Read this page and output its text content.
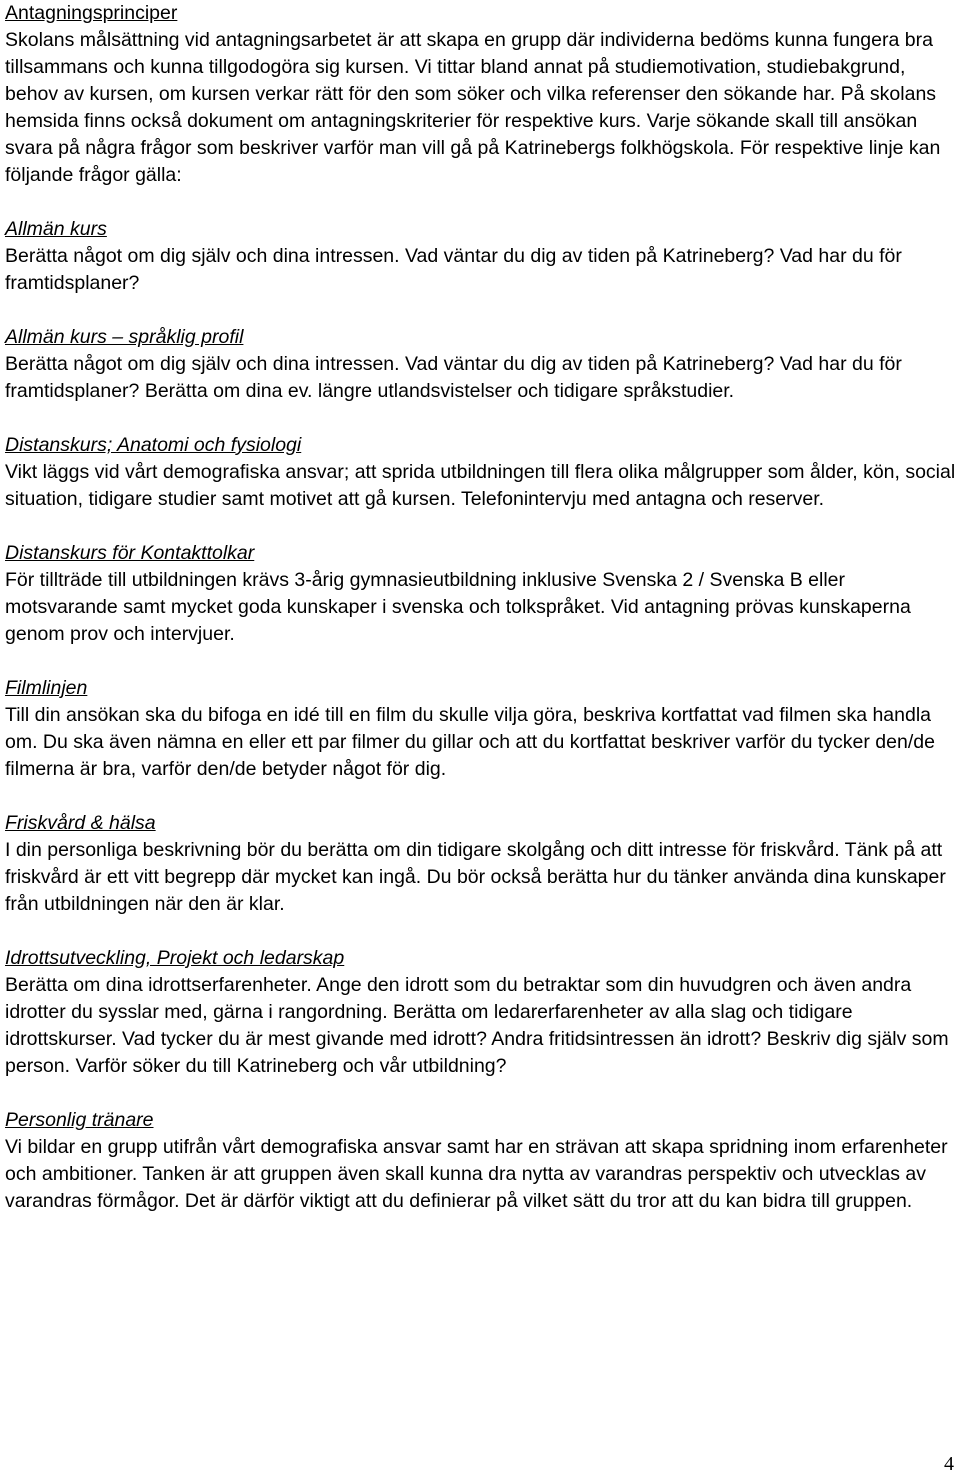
Antagningsprinciper

Skolans målsättning vid antagningsarbetet är att skapa en grupp där individerna bedöms kunna fungera bra tillsammans och kunna tillgodogöra sig kursen. Vi tittar bland annat på studiemotivation, studiebakgrund, behov av kursen, om kursen verkar rätt för den som söker och vilka referenser den sökande har. På skolans hemsida finns också dokument om antagningskriterier för respektive kurs. Varje sökande skall till ansökan svara på några frågor som beskriver varför man vill gå på Katrinebergs folkhögskola. För respektive linje kan följande frågor gälla:

Allmän kurs

Berätta något om dig själv och dina intressen. Vad väntar du dig av tiden på Katrineberg? Vad har du för framtidsplaner?

Allmän kurs – språklig profil

Berätta något om dig själv och dina intressen. Vad väntar du dig av tiden på Katrineberg? Vad har du för framtidsplaner? Berätta om dina ev. längre utlandsvistelser och tidigare språkstudier.

Distanskurs; Anatomi och fysiologi

Vikt läggs vid vårt demografiska ansvar; att sprida utbildningen till flera olika målgrupper som ålder, kön, social situation, tidigare studier samt motivet att gå kursen. Telefonintervju med antagna och reserver.

Distanskurs för Kontakttolkar

För tillträde till utbildningen krävs 3-årig gymnasieutbildning inklusive Svenska 2 / Svenska B eller motsvarande samt mycket goda kunskaper i svenska och tolkspråket. Vid antagning prövas kunskaperna genom prov och intervjuer.

Filmlinjen

Till din ansökan ska du bifoga en idé till en film du skulle vilja göra, beskriva kortfattat vad filmen ska handla om. Du ska även nämna en eller ett par filmer du gillar och att du kortfattat beskriver varför du tycker den/de filmerna är bra, varför den/de betyder något för dig.

Friskvård & hälsa

I din personliga beskrivning bör du berätta om din tidigare skolgång och ditt intresse för friskvård. Tänk på att friskvård är ett vitt begrepp där mycket kan ingå. Du bör också berätta hur du tänker använda dina kunskaper från utbildningen när den är klar.

Idrottsutveckling, Projekt och ledarskap

Berätta om dina idrottserfarenheter. Ange den idrott som du betraktar som din huvudgren och även andra idrotter du sysslar med, gärna i rangordning. Berätta om ledarerfarenheter av alla slag och tidigare idrottskurser. Vad tycker du är mest givande med idrott? Andra fritidsintressen än idrott? Beskriv dig själv som person. Varför söker du till Katrineberg och vår utbildning?

Personlig tränare

Vi bildar en grupp utifrån vårt demografiska ansvar samt har en strävan att skapa spridning inom erfarenheter och ambitioner. Tanken är att gruppen även skall kunna dra nytta av varandras perspektiv och utvecklas av varandras förmågor. Det är därför viktigt att du definierar på vilket sätt du tror att du kan bidra till gruppen.

4
